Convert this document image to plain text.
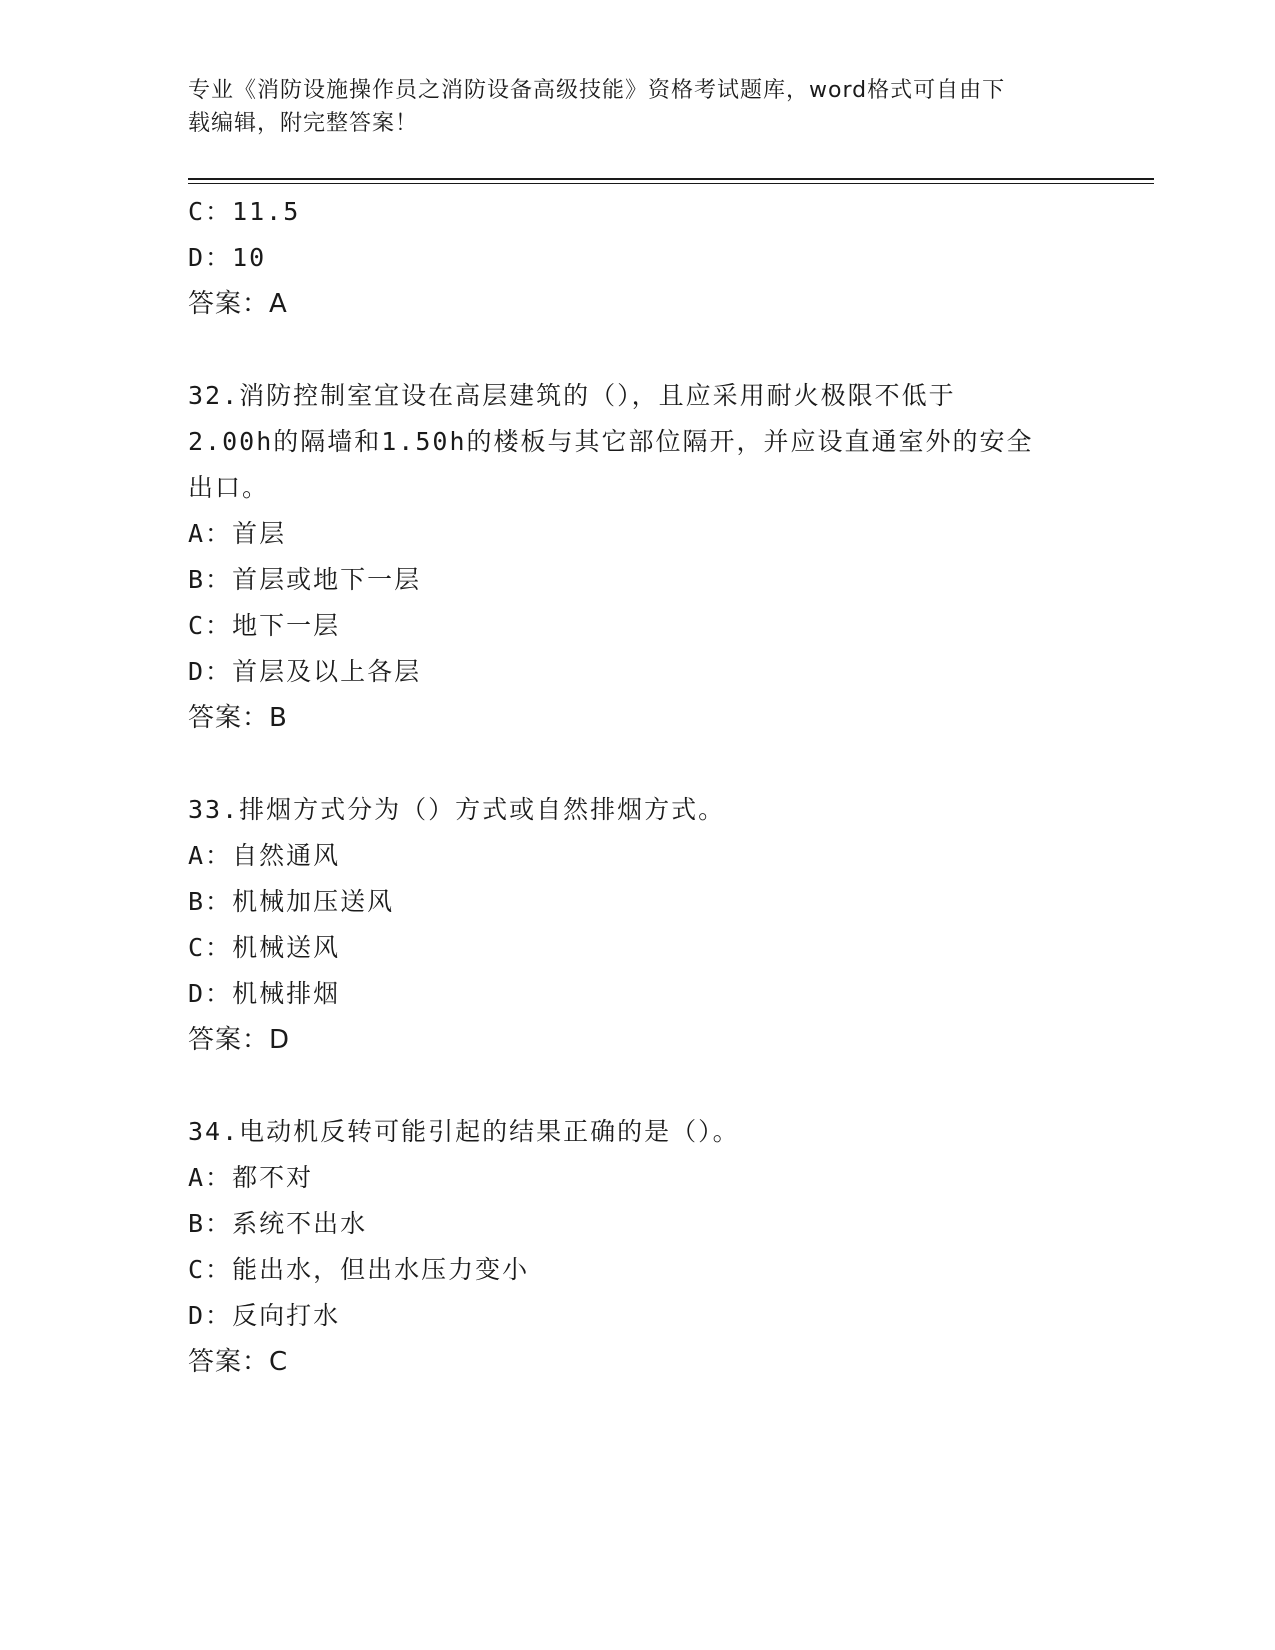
专业《消防设施操作员之消防设备高级技能》资格考试题库，word格式可自由下
载编辑，附完整答案！
C：11.5
D：10
答案：A
32.消防控制室宜设在高层建筑的（），且应采用耐火极限不低于
2.00h的隔墙和1.50h的楼板与其它部位隔开，并应设直通室外的安全
出口。
A：首层
B：首层或地下一层
C：地下一层
D：首层及以上各层
答案：B
33.排烟方式分为（）方式或自然排烟方式。
A：自然通风
B：机械加压送风
C：机械送风
D：机械排烟
答案：D
34.电动机反转可能引起的结果正确的是（）。
A：都不对
B：系统不出水
C：能出水，但出水压力变小
D：反向打水
答案：C
